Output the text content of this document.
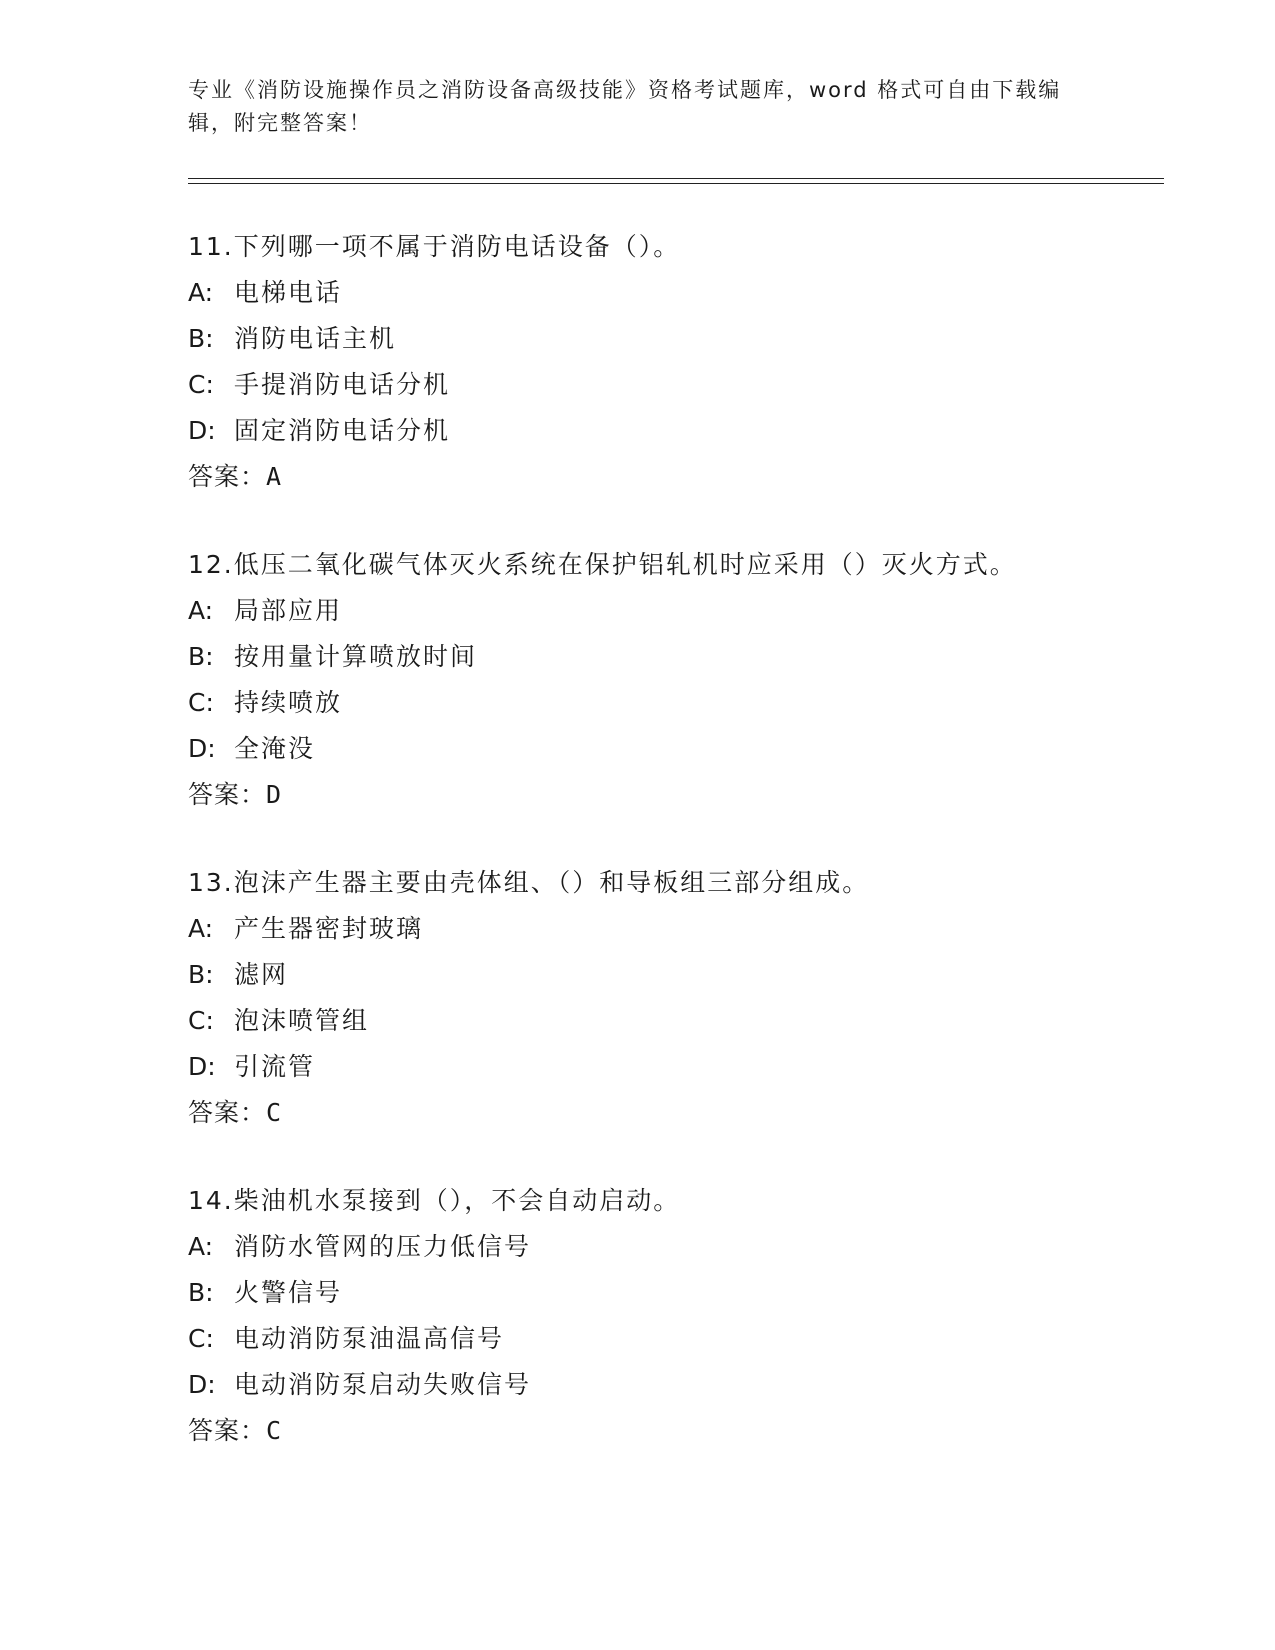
专业《消防设施操作员之消防设备高级技能》资格考试题库，word 格式可自由下载编辑，附完整答案！
11.下列哪一项不属于消防电话设备（）。
A: 电梯电话
B: 消防电话主机
C: 手提消防电话分机
D: 固定消防电话分机
答案：A
12.低压二氧化碳气体灭火系统在保护铝轧机时应采用（）灭火方式。
A: 局部应用
B: 按用量计算喷放时间
C: 持续喷放
D: 全淹没
答案：D
13.泡沫产生器主要由壳体组、（）和导板组三部分组成。
A: 产生器密封玻璃
B: 滤网
C: 泡沫喷管组
D: 引流管
答案：C
14.柴油机水泵接到（），不会自动启动。
A: 消防水管网的压力低信号
B: 火警信号
C: 电动消防泵油温高信号
D: 电动消防泵启动失败信号
答案：C
